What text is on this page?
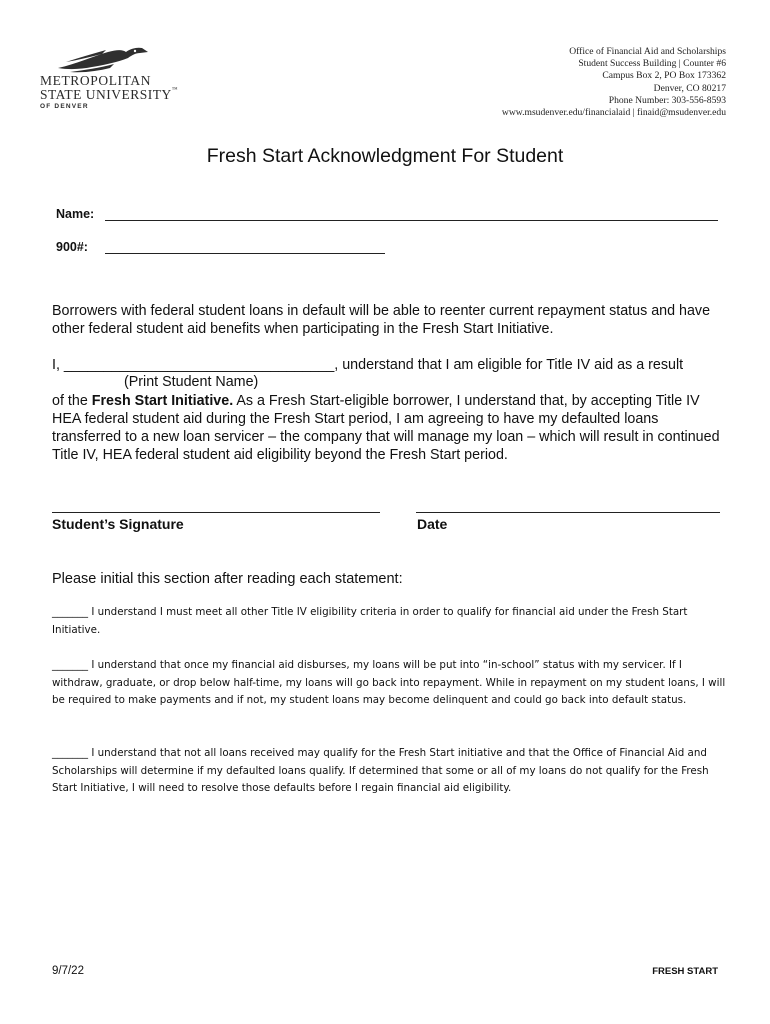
METROPOLITAN
STATE UNIVERSITY™
OF DENVER
Office of Financial Aid and Scholarships
Student Success Building | Counter #6
Campus Box 2, PO Box 173362
Denver, CO 80217
Phone Number: 303-556-8593
www.msudenver.edu/financialaid | finaid@msudenver.edu
Fresh Start Acknowledgment For Student
Name:
900#:
Borrowers with federal student loans in default will be able to reenter current repayment status and have other federal student aid benefits when participating in the Fresh Start Initiative.
I, __________________________________, understand that I am eligible for Title IV aid as a result
(Print Student Name)
of the Fresh Start Initiative. As a Fresh Start-eligible borrower, I understand that, by accepting Title IV HEA federal student aid during the Fresh Start period, I am agreeing to have my defaulted loans transferred to a new loan servicer – the company that will manage my loan – which will result in continued Title IV, HEA federal student aid eligibility beyond the Fresh Start period.
Student’s Signature	Date
Please initial this section after reading each statement:
_______ I understand I must meet all other Title IV eligibility criteria in order to qualify for financial aid under the Fresh Start Initiative.
_______ I understand that once my financial aid disburses, my loans will be put into “in-school” status with my servicer. If I withdraw, graduate, or drop below half-time, my loans will go back into repayment. While in repayment on my student loans, I will be required to make payments and if not, my student loans may become delinquent and could go back into default status.
_______ I understand that not all loans received may qualify for the Fresh Start initiative and that the Office of Financial Aid and Scholarships will determine if my defaulted loans qualify. If determined that some or all of my loans do not qualify for the Fresh Start Initiative, I will need to resolve those defaults before I regain financial aid eligibility.
9/7/22	FRESH START
